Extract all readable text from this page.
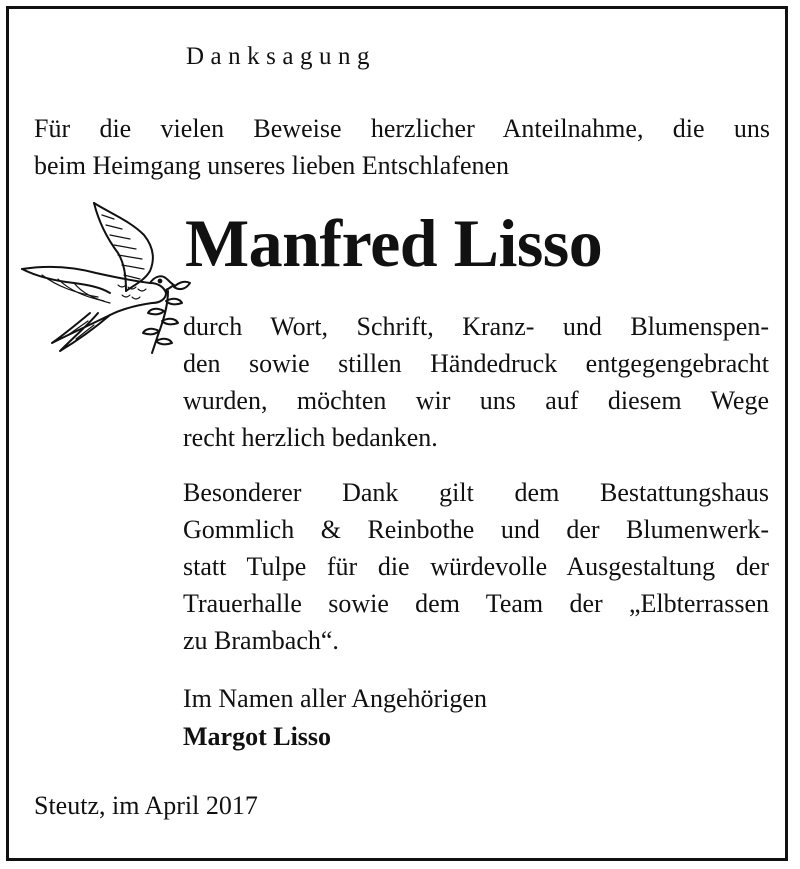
Danksagung
Für die vielen Beweise herzlicher Anteilnahme, die uns
beim Heimgang unseres lieben Entschlafenen
Manfred Lisso
durch Wort, Schrift, Kranz- und Blumenspen-
den sowie stillen Händedruck entgegengebracht
wurden, möchten wir uns auf diesem Wege
recht herzlich bedanken.
Besonderer Dank gilt dem Bestattungshaus
Gommlich & Reinbothe und der Blumenwerk-
statt Tulpe für die würdevolle Ausgestaltung der
Trauerhalle sowie dem Team der „Elbterrassen
zu Brambach“.
Im Namen aller Angehörigen
Margot Lisso
Steutz, im April 2017
